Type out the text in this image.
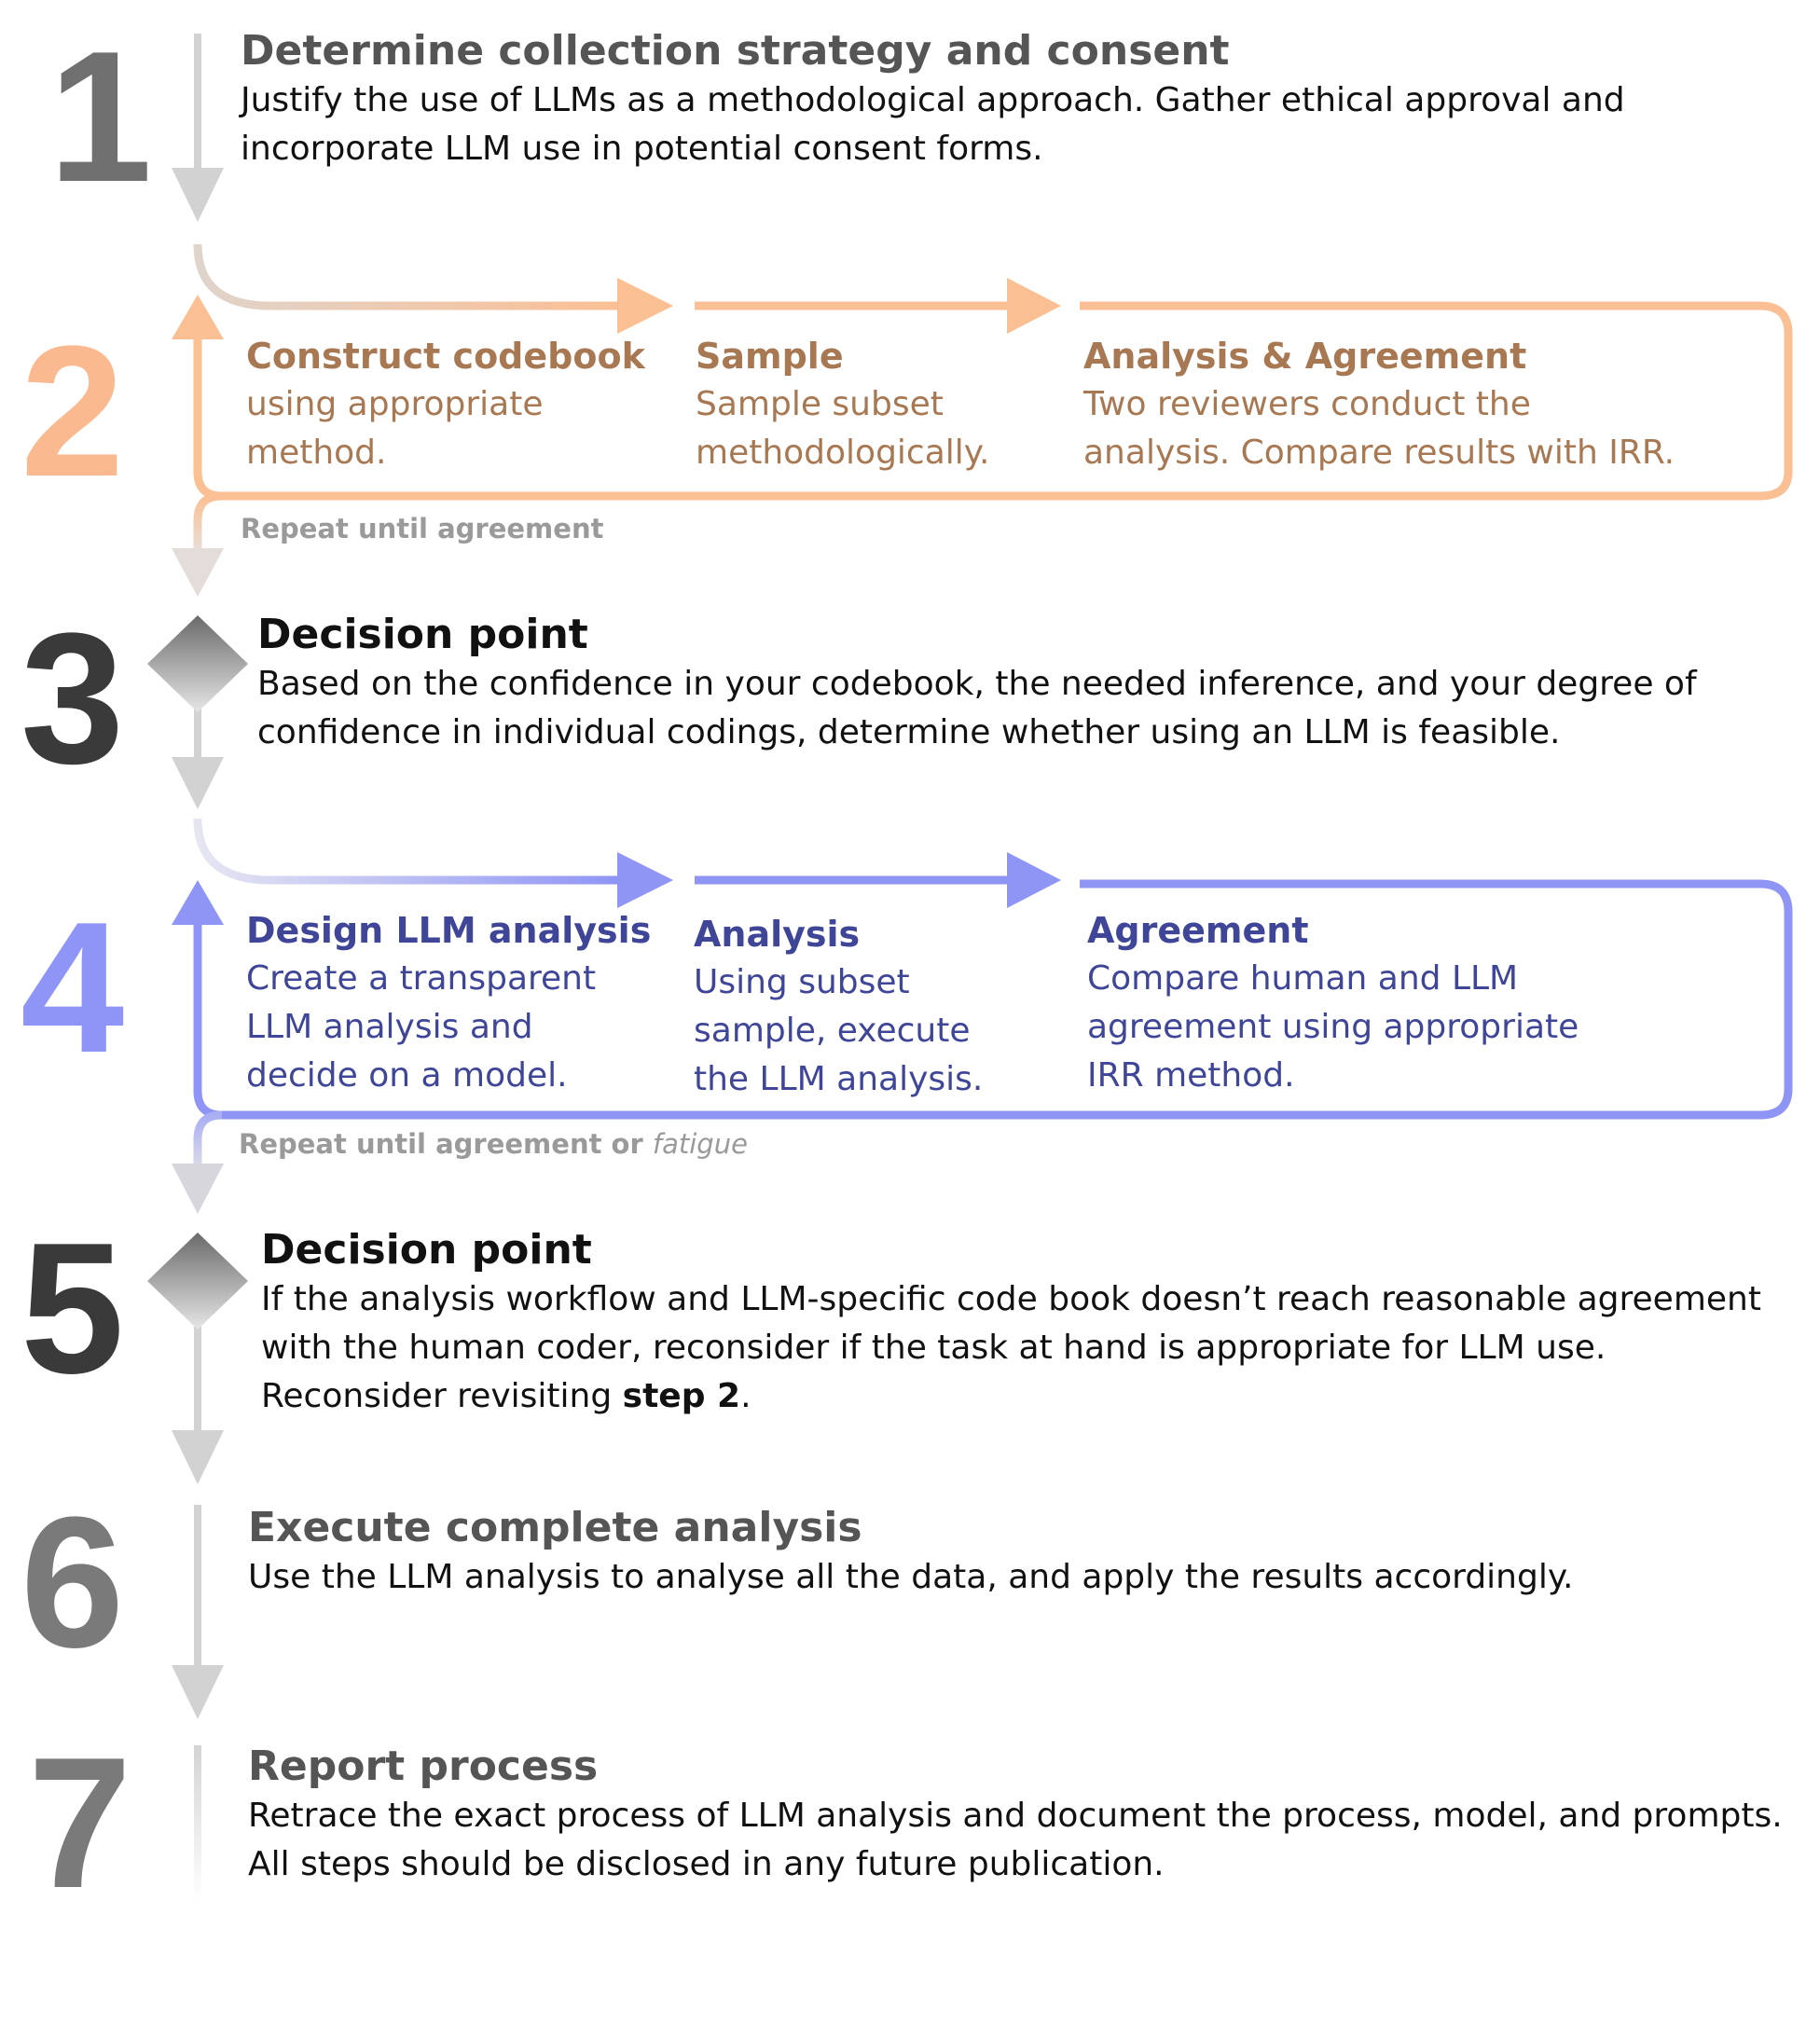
1 Determine collection strategy and consent
Justify the use of LLMs as a methodological approach. Gather ethical approval and
incorporate LLM use in potential consent forms.
2	Construct codebook
using appropriate
method.
Sample
Sample subset
methodologically.
Analysis & Agreement
Two reviewers conduct the
analysis. Compare results with IRR.
Repeat until agreement
3	Decision point
Based on the confidence in your codebook, the needed inference, and your degree of
confidence in individual codings, determine whether using an LLM is feasible.
4	Design LLM analysis
Create a transparent
LLM analysis and
decide on a model.
Analysis
Using subset
sample, execute
the LLM analysis.
Agreement
Compare human and LLM
agreement using appropriate
IRR method.
Repeat until agreement or fatigue
5	Decision point
If the analysis workflow and LLM-specific code book doesn’t reach reasonable agreement
with the human coder, reconsider if the task at hand is appropriate for LLM use.
Reconsider revisiting step 2.
6	Execute complete analysis
Use the LLM analysis to analyse all the data, and apply the results accordingly.
7	Report process
Retrace the exact process of LLM analysis and document the process, model, and prompts.
All steps should be disclosed in any future publication.
